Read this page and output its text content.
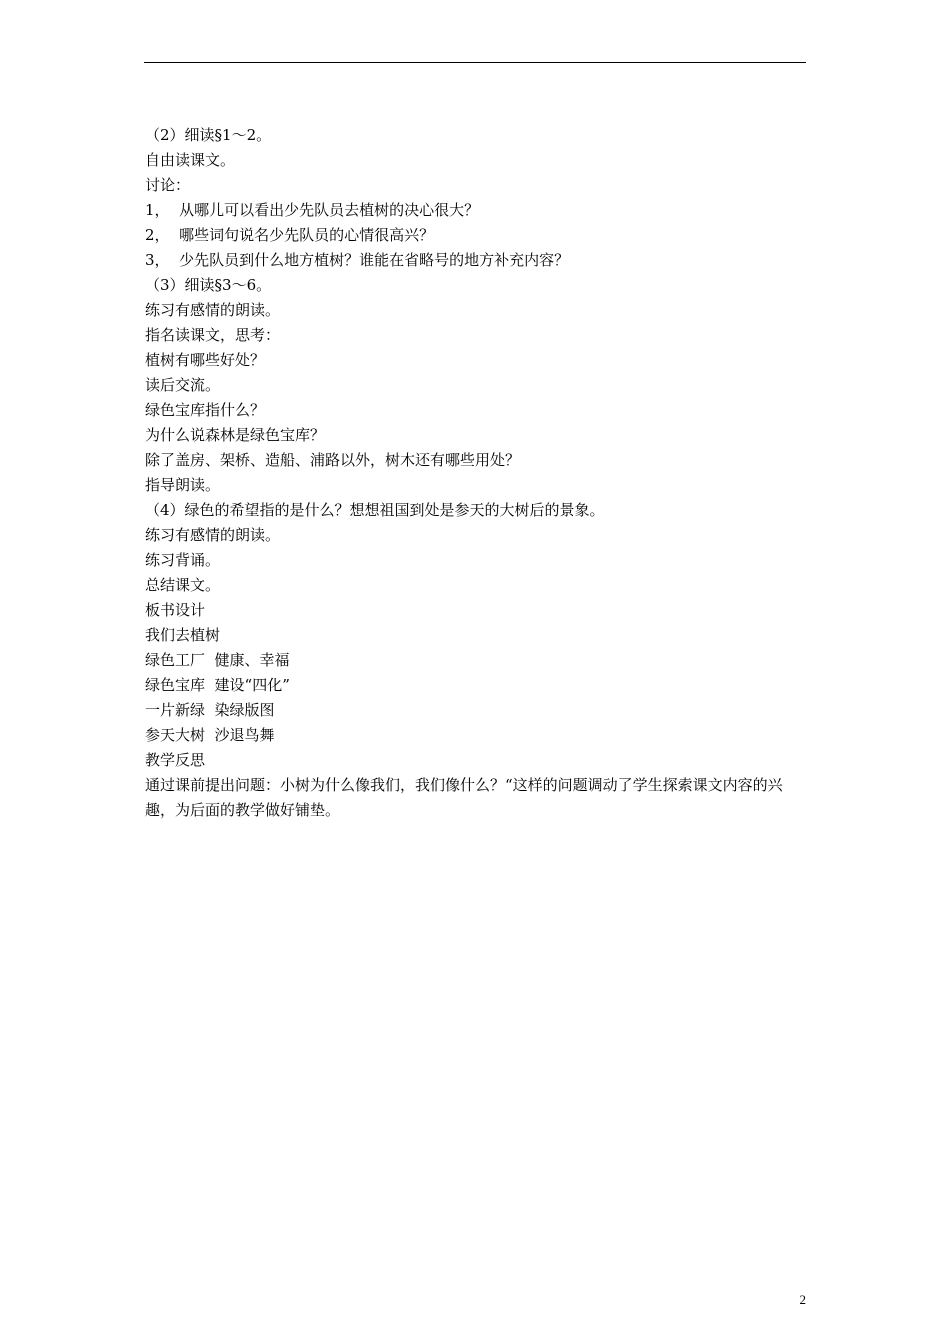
（2）细读§1～2。
自由读课文。
讨论：
1，  从哪儿可以看出少先队员去植树的决心很大？
2，  哪些词句说名少先队员的心情很高兴？
3，  少先队员到什么地方植树？谁能在省略号的地方补充内容？
（3）细读§3～6。
练习有感情的朗读。
指名读课文，思考：
植树有哪些好处？
读后交流。
绿色宝库指什么？
为什么说森林是绿色宝库？
除了盖房、架桥、造船、浦路以外，树木还有哪些用处？
指导朗读。
（4）绿色的希望指的是什么？想想祖国到处是参天的大树后的景象。
练习有感情的朗读。
练习背诵。
总结课文。
板书设计
我们去植树
绿色工厂  健康、幸福
绿色宝库  建设“四化”
一片新绿  染绿版图
参天大树  沙退鸟舞
教学反思
通过课前提出问题：小树为什么像我们，我们像什么？“这样的问题调动了学生探索课文内容的兴趣，为后面的教学做好铺垫。
2
